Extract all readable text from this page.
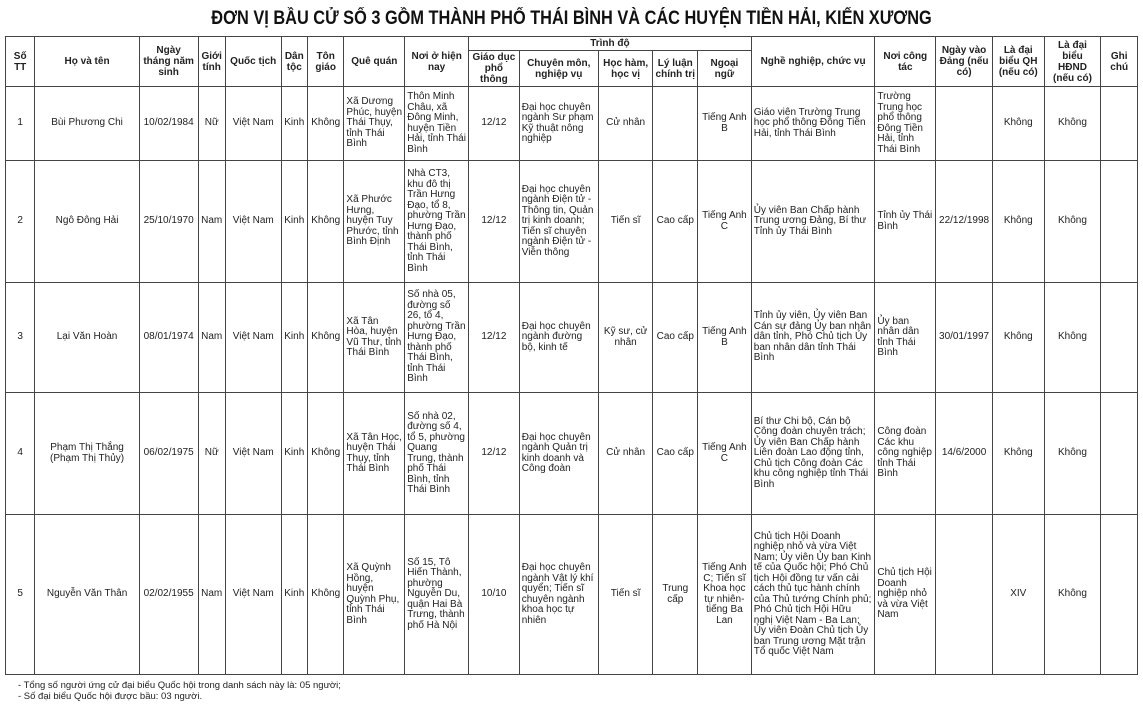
ĐƠN VỊ BẦU CỬ SỐ 3 GỒM THÀNH PHỐ THÁI BÌNH VÀ CÁC HUYỆN TIỀN HẢI, KIẾN XƯƠNG
Số TT	Họ và tên	Ngày tháng năm sinh	Giới tính	Quốc tịch	Dân tộc	Tôn giáo	Quê quán	Nơi ở hiện nay	Trình độ					Nghề nghiệp, chức vụ	Nơi công tác	Ngày vào Đảng (nếu có)	Là đại biểu QH (nếu có)	Là đại biểu HĐND (nếu có)	Ghi chú
									Giáo dục phổ thông	Chuyên môn, nghiệp vụ	Học hàm, học vị	Lý luận chính trị	Ngoại ngữ						
1	Bùi Phương Chi	10/02/1984	Nữ	Việt Nam	Kinh	Không	Xã Dương Phúc, huyện Thái Thụy, tỉnh Thái Bình	Thôn Minh Châu, xã Đông Minh, huyện Tiền Hải, tỉnh Thái Bình	12/12	Đại học chuyên ngành Sư phạm Kỹ thuật nông nghiệp	Cử nhân		Tiếng Anh B	Giáo viên Trường Trung học phổ thông Đông Tiền Hải, tỉnh Thái Bình	Trường Trung học phổ thông Đông Tiền Hải, tỉnh Thái Bình		Không	Không	
2	Ngô Đông Hải	25/10/1970	Nam	Việt Nam	Kinh	Không	Xã Phước Hưng, huyện Tuy Phước, tỉnh Bình Định	Nhà CT3, khu đô thị Trần Hưng Đạo, tổ 8, phường Trần Hưng Đạo, thành phố Thái Bình, tỉnh Thái Bình	12/12	Đại học chuyên ngành Điện tử - Thông tin, Quản trị kinh doanh; Tiến sĩ chuyên ngành Điện tử - Viễn thông	Tiến sĩ	Cao cấp	Tiếng Anh C	Ủy viên Ban Chấp hành Trung ương Đảng, Bí thư Tỉnh ủy Thái Bình	Tỉnh ủy Thái Bình	22/12/1998	Không	Không	
3	Lại Văn Hoàn	08/01/1974	Nam	Việt Nam	Kinh	Không	Xã Tân Hòa, huyện Vũ Thư, tỉnh Thái Bình	Số nhà 05, đường số 26, tổ 4, phường Trần Hưng Đạo, thành phố Thái Bình, tỉnh Thái Bình	12/12	Đại học chuyên ngành đường bộ, kinh tế	Kỹ sư, cử nhân	Cao cấp	Tiếng Anh B	Tỉnh ủy viên, Ủy viên Ban Cán sự đảng Ủy ban nhân dân tỉnh, Phó Chủ tịch Ủy ban nhân dân tỉnh Thái Bình	Ủy ban nhân dân tỉnh Thái Bình	30/01/1997	Không	Không	
4	Phạm Thị Thắng (Phạm Thị Thủy)	06/02/1975	Nữ	Việt Nam	Kinh	Không	Xã Tân Học, huyện Thái Thụy, tỉnh Thái Bình	Số nhà 02, đường số 4, tổ 5, phường Quang Trung, thành phố Thái Bình, tỉnh Thái Bình	12/12	Đại học chuyên ngành Quản trị kinh doanh và Công đoàn	Cử nhân	Cao cấp	Tiếng Anh C	Bí thư Chi bộ, Cán bộ Công đoàn chuyên trách; Ủy viên Ban Chấp hành Liên đoàn Lao động tỉnh, Chủ tịch Công đoàn Các khu công nghiệp tỉnh Thái Bình	Công đoàn Các khu công nghiệp tỉnh Thái Bình	14/6/2000	Không	Không	
5	Nguyễn Văn Thân	02/02/1955	Nam	Việt Nam	Kinh	Không	Xã Quỳnh Hồng, huyện Quỳnh Phụ, tỉnh Thái Bình	Số 15, Tô Hiến Thành, phường Nguyễn Du, quận Hai Bà Trưng, thành phố Hà Nội	10/10	Đại học chuyên ngành Vật lý khí quyển; Tiến sĩ chuyên ngành khoa học tự nhiên	Tiến sĩ	Trung cấp	Tiếng Anh C; Tiến sĩ Khoa học tự nhiên-tiếng Ba Lan	Chủ tịch Hội Doanh nghiệp nhỏ và vừa Việt Nam; Ủy viên Ủy ban Kinh tế của Quốc hội; Phó Chủ tịch Hội đồng tư vấn cải cách thủ tục hành chính của Thủ tướng Chính phủ; Phó Chủ tịch Hội Hữu nghị Việt Nam - Ba Lan; Ủy viên Đoàn Chủ tịch Ủy ban Trung ương Mặt trận Tổ quốc Việt Nam	Chủ tịch Hội Doanh nghiệp nhỏ và vừa Việt Nam		XIV	Không	
- Tổng số người ứng cử đại biểu Quốc hội trong danh sách này là: 05 người;
- Số đại biểu Quốc hội được bầu: 03 người.
